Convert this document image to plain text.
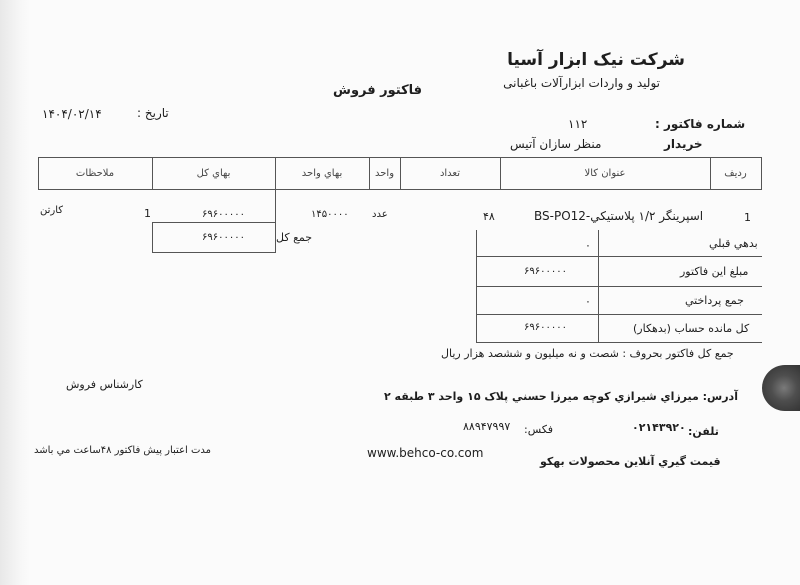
شرکت نیک ابزار آسیا
تولید و واردات ابزارآلات باغبانی
فاکتور فروش
تاریخ :
۱۴۰۴/۰۲/۱۴
شماره فاکتور :
۱۱۲
خریدار
منظر سازان آتیس
ردیف
عنوان کالا
تعداد
واحد
بهاي واحد
بهاي كل
ملاحظات
1
اسپرینگر ۱/۲ پلاستیکي-BS-PO12
۴۸
عدد
۱۴۵۰۰۰۰
۶۹۶۰۰۰۰۰
1
كارتن
جمع کل
۶۹۶۰۰۰۰۰	بدهي قبلي
۰
مبلغ این فاكتور
۶۹۶۰۰۰۰۰
جمع پرداختي
۰
كل مانده حساب (بدهكار)
۶۹۶۰۰۰۰۰
جمع كل فاكتور بحروف : شصت و نه میلیون و ششصد هزار ریال
آدرس: میرزاي شیرازي كوچه میرزا حسني پلاک ۱۵ واحد ۳ طبقه ۲
تلفن:
۰۲۱۴۳۹۲۰
فكس:
۸۸۹۴۷۹۹۷
www.behco-co.com
قیمت گیري آنلاین محصولات بهكو
كارشناس فروش
مدت اعتبار پیش فاكتور ۴۸ساعت مي باشد
